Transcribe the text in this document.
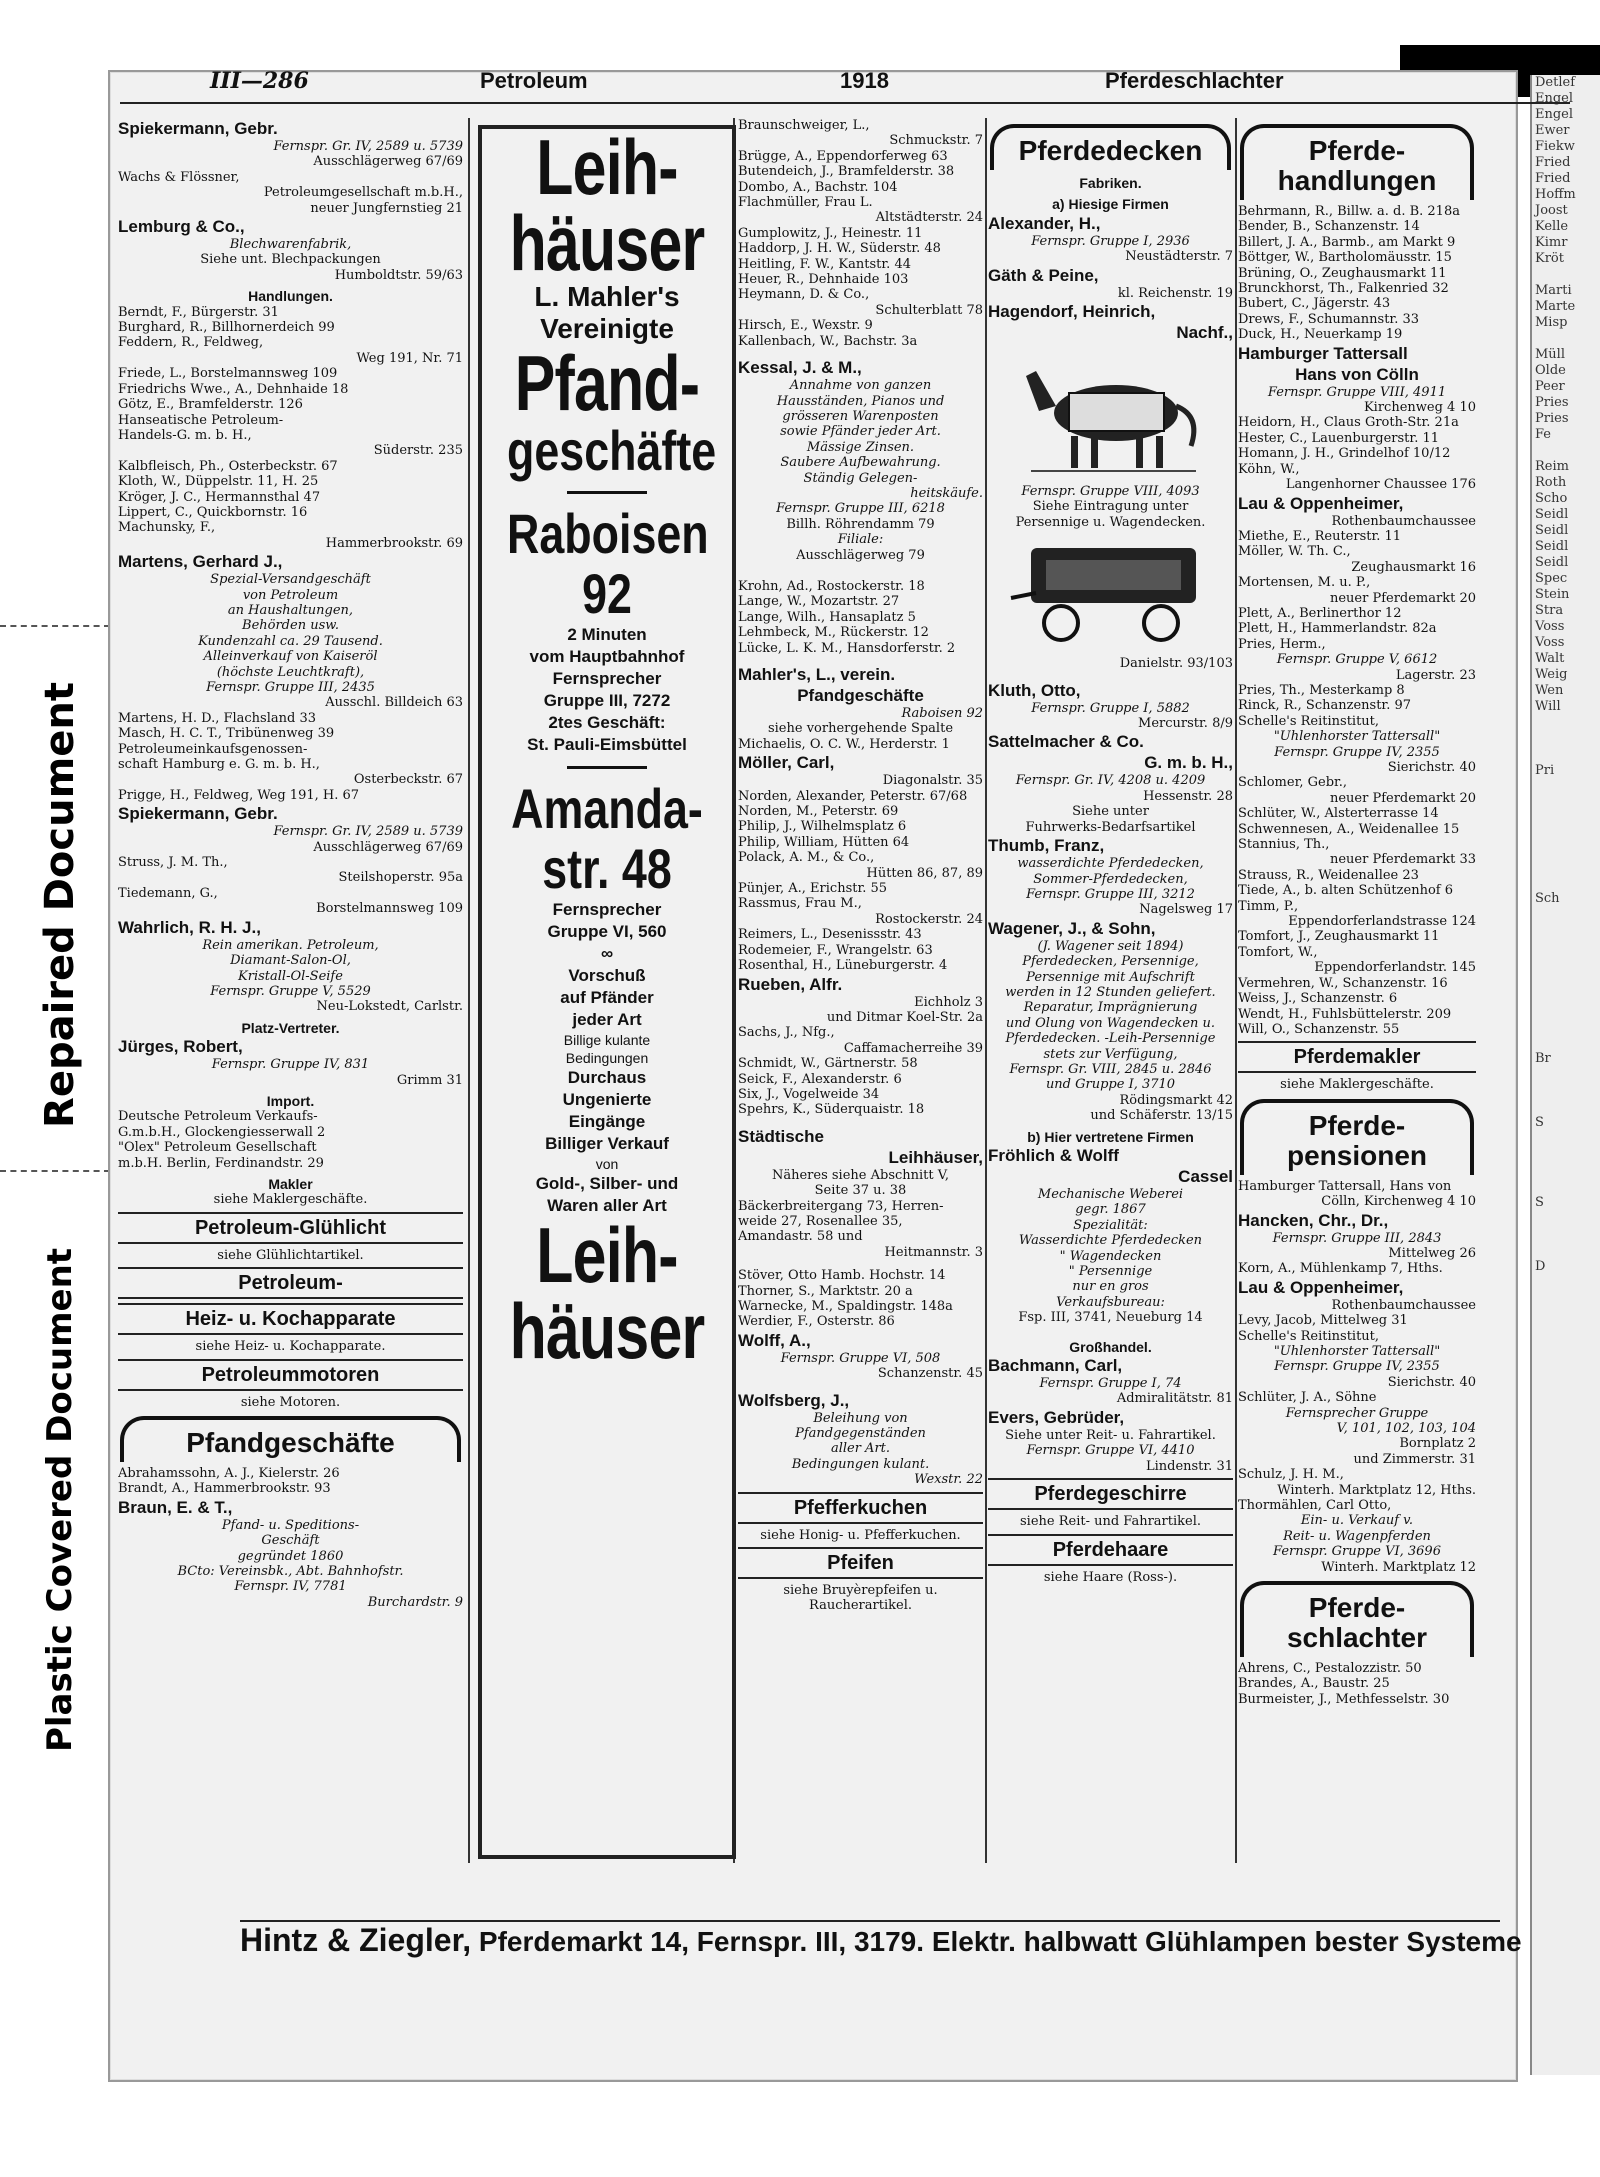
Repaired Document
Plastic Covered Document
Detlef
Engel
Engel
Ewer
Fiekw
Fried
Fried
Hoffm
Joost
Kelle
Kimr
Kröt
Marti
Marte
Misp
Müll
Olde
Peer
Pries
Pries
Fe
Reim
Roth
Scho
Seidl
Seidl
Seidl
Seidl
Spec
Stein
Stra
Voss
Voss
Walt
Weig
Wen
Will
Pri
Sch
Br
S
S
D
III—286	Petroleum	1918	Pferdeschlachter
Spiekermann, Gebr.
Fernspr. Gr. IV, 2589 u. 5739
Ausschlägerweg 67/69
Wachs & Flössner,
Petroleumgesellschaft m.b.H.,
neuer Jungfernstieg 21
Lemburg & Co.,
Blechwarenfabrik,
Siehe unt. Blechpackungen
Humboldtstr. 59/63
Handlungen.
Berndt, F., Bürgerstr. 31
Burghard, R., Billhornerdeich 99
Feddern, R., Feldweg,
Weg 191, Nr. 71
Friede, L., Borstelmannsweg 109
Friedrichs Wwe., A., Dehnhaide 18
Götz, E., Bramfelderstr. 126
Hanseatische Petroleum-
Handels-G. m. b. H.,
Süderstr. 235
Kalbfleisch, Ph., Osterbeckstr. 67
Kloth, W., Düppelstr. 11, H. 25
Kröger, J. C., Hermannsthal 47
Lippert, C., Quickbornstr. 16
Machunsky, F.,
Hammerbrookstr. 69
Martens, Gerhard J.,
Spezial-Versandgeschäft
von Petroleum
an Haushaltungen,
Behörden usw.
Kundenzahl ca. 29 Tausend.
Alleinverkauf von Kaiseröl
(höchste Leuchtkraft),
Fernspr. Gruppe III, 2435
Ausschl. Billdeich 63
Martens, H. D., Flachsland 33
Masch, H. C. T., Tribünenweg 39
Petroleumeinkaufsgenossen-
schaft Hamburg e. G. m. b. H.,
Osterbeckstr. 67
Prigge, H., Feldweg, Weg 191, H. 67
Spiekermann, Gebr.
Fernspr. Gr. IV, 2589 u. 5739
Ausschlägerweg 67/69
Struss, J. M. Th.,
Steilshoperstr. 95a
Tiedemann, G.,
Borstelmannsweg 109
Wahrlich, R. H. J.,
Rein amerikan. Petroleum,
Diamant-Salon-Öl,
Kristall-Öl-Seife
Fernspr. Gruppe V, 5529
Neu-Lokstedt, Carlstr.
Platz-Vertreter.
Jürges, Robert,
Fernspr. Gruppe IV, 831
Grimm 31
Import.
Deutsche Petroleum Verkaufs-
G.m.b.H., Glockengiesserwall 2
"Olex" Petroleum Gesellschaft
m.b.H. Berlin, Ferdinandstr. 29
Makler
siehe Maklergeschäfte.
Petroleum-Glühlicht
siehe Glühlichtartikel.
Petroleum-
Heiz- u. Kochapparate
siehe Heiz- u. Kochapparate.
Petroleummotoren
siehe Motoren.
Pfandgeschäfte
Abrahamssohn, A. J., Kielerstr. 26
Brandt, A., Hammerbrookstr. 93
Braun, E. & T.,
Pfand- u. Speditions-
Geschäft
gegründet 1860
BCto: Vereinsbk., Abt. Bahnhofstr.
Fernspr. IV, 7781
Burchardstr. 9
Leih-
häuser
L. Mahler's
Vereinigte
Pfand-
geschäfte
Raboisen
92
2 Minuten
vom Hauptbahnhof
Fernsprecher
Gruppe III, 7272
2tes Geschäft:
St. Pauli-Eimsbüttel
Amanda-
str. 48
Fernsprecher
Gruppe VI, 560
∞
Vorschuß
auf Pfänder
jeder Art
Billige kulante
Bedingungen
Durchaus
Ungenierte
Eingänge
Billiger Verkauf
von
Gold-, Silber- und
Waren aller Art
Leih-
häuser
Braunschweiger, L.,
Schmuckstr. 7
Brügge, A., Eppendorferweg 63
Butendeich, J., Bramfelderstr. 38
Dombo, A., Bachstr. 104
Flachmüller, Frau L.
Altstädterstr. 24
Gumplowitz, J., Heinestr. 11
Haddorp, J. H. W., Süderstr. 48
Heitling, F. W., Kantstr. 44
Heuer, R., Dehnhaide 103
Heymann, D. & Co.,
Schulterblatt 78
Hirsch, E., Wexstr. 9
Kallenbach, W., Bachstr. 3a
Kessal, J. & M.,
Annahme von ganzen
Hausständen, Pianos und
grösseren Warenposten
sowie Pfänder jeder Art.
Mässige Zinsen.
Saubere Aufbewahrung.
Ständig Gelegen-
heitskäufe.
Fernspr. Gruppe III, 6218
Billh. Röhrendamm 79
Filiale:
Ausschlägerweg 79
Krohn, Ad., Rostockerstr. 18
Lange, W., Mozartstr. 27
Lange, Wilh., Hansaplatz 5
Lehmbeck, M., Rückerstr. 12
Lücke, L. K. M., Hansdorferstr. 2
Mahler's, L., verein.
Pfandgeschäfte
Raboisen 92
siehe vorhergehende Spalte
Michaelis, O. C. W., Herderstr. 1
Möller, Carl,
Diagonalstr. 35
Norden, Alexander, Peterstr. 67/68
Norden, M., Peterstr. 69
Philip, J., Wilhelmsplatz 6
Philip, William, Hütten 64
Polack, A. M., & Co.,
Hütten 86, 87, 89
Pünjer, A., Erichstr. 55
Rassmus, Frau M.,
Rostockerstr. 24
Reimers, L., Desenissstr. 43
Rodemeier, F., Wrangelstr. 63
Rosenthal, H., Lüneburgerstr. 4
Rueben, Alfr.
Eichholz 3
und Ditmar Koel-Str. 2a
Sachs, J., Nfg.,
Caffamacherreihe 39
Schmidt, W., Gärtnerstr. 58
Seick, F., Alexanderstr. 6
Six, J., Vogelweide 34
Spehrs, K., Süderquaistr. 18
Städtische
Leihhäuser,
Näheres siehe Abschnitt V,
Seite 37 u. 38
Bäckerbreitergang 73, Herren-
weide 27, Rosenallee 35,
Amandastr. 58 und
Heitmannstr. 3
Stöver, Otto Hamb. Hochstr. 14
Thorner, S., Marktstr. 20 a
Warnecke, M., Spaldingstr. 148a
Werdier, F., Österstr. 86
Wolff, A.,
Fernspr. Gruppe VI, 508
Schanzenstr. 45
Wolfsberg, J.,
Beleihung von
Pfandgegenständen
aller Art.
Bedingungen kulant.
Wexstr. 22
Pfefferkuchen
siehe Honig- u. Pfefferkuchen.
Pfeifen
siehe Bruyèrepfeifen u.
Raucherartikel.
Pferdedecken
Fabriken.
a) Hiesige Firmen
Alexander, H.,
Fernspr. Gruppe I, 2936
Neustädterstr. 7
Gäth & Peine,
kl. Reichenstr. 19
Hagendorf, Heinrich,
Nachf.,
Fernspr. Gruppe VIII, 4093
Siehe Eintragung unter
Persennige u. Wagendecken.
Danielstr. 93/103
Kluth, Otto,
Fernspr. Gruppe I, 5882
Mercurstr. 8/9
Sattelmacher & Co.
G. m. b. H.,
Fernspr. Gr. IV, 4208 u. 4209
Hessenstr. 28
Siehe unter
Fuhrwerks-Bedarfsartikel
Thumb, Franz,
wasserdichte Pferdedecken,
Sommer-Pferdedecken,
Fernspr. Gruppe III, 3212
Nagelsweg 17
Wagener, J., & Sohn,
(J. Wagener seit 1894)
Pferdedecken, Persennige,
Persennige mit Aufschrift
werden in 12 Stunden geliefert.
Reparatur, Imprägnierung
und Ölung von Wagendecken u.
Pferdedecken. -Leih-Persennige
stets zur Verfügung,
Fernspr. Gr. VIII, 2845 u. 2846
und Gruppe I, 3710
Rödingsmarkt 42
und Schäferstr. 13/15
b) Hier vertretene Firmen
Fröhlich & Wolff
Cassel
Mechanische Weberei
gegr. 1867
Spezialität:
Wasserdichte Pferdedecken
" Wagendecken
" Persennige
nur en gros
Verkaufsbureau:
Fsp. III, 3741, Neueburg 14
Großhandel.
Bachmann, Carl,
Fernspr. Gruppe I, 74
Admiralitätstr. 81
Evers, Gebrüder,
Siehe unter Reit- u. Fahrartikel.
Fernspr. Gruppe VI, 4410
Lindenstr. 31
Pferdegeschirre
siehe Reit- und Fahrartikel.
Pferdehaare
siehe Haare (Ross-).
Pferde-
handlungen
Behrmann, R., Billw. a. d. B. 218a
Bender, B., Schanzenstr. 14
Billert, J. A., Barmb., am Markt 9
Böttger, W., Bartholomäusstr. 15
Brüning, O., Zeughausmarkt 11
Brunckhorst, Th., Falkenried 32
Bubert, C., Jägerstr. 43
Drews, F., Schumannstr. 33
Duck, H., Neuerkamp 19
Hamburger Tattersall
Hans von Cölln
Fernspr. Gruppe VIII, 4911
Kirchenweg 4 10
Heidorn, H., Claus Groth-Str. 21a
Hester, C., Lauenburgerstr. 11
Homann, J. H., Grindelhof 10/12
Köhn, W.,
Langenhorner Chaussee 176
Lau & Oppenheimer,
Rothenbaumchaussee
Miethe, E., Reuterstr. 11
Möller, W. Th. C.,
Zeughausmarkt 16
Mortensen, M. u. P.,
neuer Pferdemarkt 20
Plett, A., Berlinerthor 12
Plett, H., Hammerlandstr. 82a
Pries, Herm.,
Fernspr. Gruppe V, 6612
Lagerstr. 23
Pries, Th., Mesterkamp 8
Rinck, R., Schanzenstr. 97
Schelle's Reitinstitut,
"Uhlenhorster Tattersall"
Fernspr. Gruppe IV, 2355
Sierichstr. 40
Schlomer, Gebr.,
neuer Pferdemarkt 20
Schlüter, W., Alsterterrasse 14
Schwennesen, A., Weidenallee 15
Stannius, Th.,
neuer Pferdemarkt 33
Strauss, R., Weidenallee 23
Tiede, A., b. alten Schützenhof 6
Timm, P.,
Eppendorferlandstrasse 124
Tomfort, J., Zeughausmarkt 11
Tomfort, W.,
Eppendorferlandstr. 145
Vermehren, W., Schanzenstr. 16
Weiss, J., Schanzenstr. 6
Wendt, H., Fuhlsbüttelerstr. 209
Will, O., Schanzenstr. 55
Pferdemakler
siehe Maklergeschäfte.
Pferde-
pensionen
Hamburger Tattersall, Hans von
Cölln, Kirchenweg 4 10
Hancken, Chr., Dr.,
Fernspr. Gruppe III, 2843
Mittelweg 26
Korn, A., Mühlenkamp 7, Hths.
Lau & Oppenheimer,
Rothenbaumchaussee
Levy, Jacob, Mittelweg 31
Schelle's Reitinstitut,
"Uhlenhorster Tattersall"
Fernspr. Gruppe IV, 2355
Sierichstr. 40
Schlüter, J. A., Söhne
Fernsprecher Gruppe
V, 101, 102, 103, 104
Bornplatz 2
und Zimmerstr. 31
Schulz, J. H. M.,
Winterh. Marktplatz 12, Hths.
Thormählen, Carl Otto,
Ein- u. Verkauf v.
Reit- u. Wagenpferden
Fernspr. Gruppe VI, 3696
Winterh. Marktplatz 12
Pferde-
schlachter
Ahrens, C., Pestalozzistr. 50
Brandes, A., Baustr. 25
Burmeister, J., Methfesselstr. 30
Hintz & Ziegler, Pferdemarkt 14, Fernspr. III, 3179. Elektr. halbwatt Glühlampen bester Systeme
